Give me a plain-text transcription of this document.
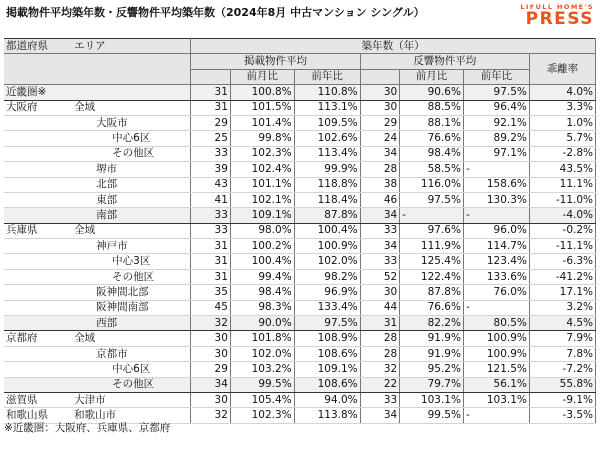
掲載物件平均築年数・反響物件平均築年数（2024年8月 中古マンション シングル）	LIFULL HOME'S
PRESS
都道府県	エリア	築年数（年）						
		掲載物件平均			反響物件平均			乖離率
			前月比	前年比		前月比	前年比	
近畿圏※		31	100.8%	110.8%	30	90.6%	97.5%	4.0%
大阪府	全域	31	101.5%	113.1%	30	88.5%	96.4%	3.3%
	大阪市	29	101.4%	109.5%	29	88.1%	92.1%	1.0%
	中心6区	25	99.8%	102.6%	24	76.6%	89.2%	5.7%
	その他区	33	102.3%	113.4%	34	98.4%	97.1%	-2.8%
	堺市	39	102.4%	99.9%	28	58.5%	-	43.5%
	北部	43	101.1%	118.8%	38	116.0%	158.6%	11.1%
	東部	41	102.1%	118.4%	46	97.5%	130.3%	-11.0%
	南部	33	109.1%	87.8%	34	-	-	-4.0%
兵庫県	全域	33	98.0%	100.4%	33	97.6%	96.0%	-0.2%
	神戸市	31	100.2%	100.9%	34	111.9%	114.7%	-11.1%
	中心3区	31	100.4%	102.0%	33	125.4%	123.4%	-6.3%
	その他区	31	99.4%	98.2%	52	122.4%	133.6%	-41.2%
	阪神間北部	35	98.4%	96.9%	30	87.8%	76.0%	17.1%
	阪神間南部	45	98.3%	133.4%	44	76.6%	-	3.2%
	西部	32	90.0%	97.5%	31	82.2%	80.5%	4.5%
京都府	全域	30	101.8%	108.9%	28	91.9%	100.9%	7.9%
	京都市	30	102.0%	108.6%	28	91.9%	100.9%	7.8%
	中心6区	29	103.2%	109.1%	32	95.2%	121.5%	-7.2%
	その他区	34	99.5%	108.6%	22	79.7%	56.1%	55.8%
滋賀県	大津市	30	105.4%	94.0%	33	103.1%	103.1%	-9.1%
和歌山県	和歌山市	32	102.3%	113.8%	34	99.5%	-	-3.5%
※近畿圏：大阪府、兵庫県、京都府
